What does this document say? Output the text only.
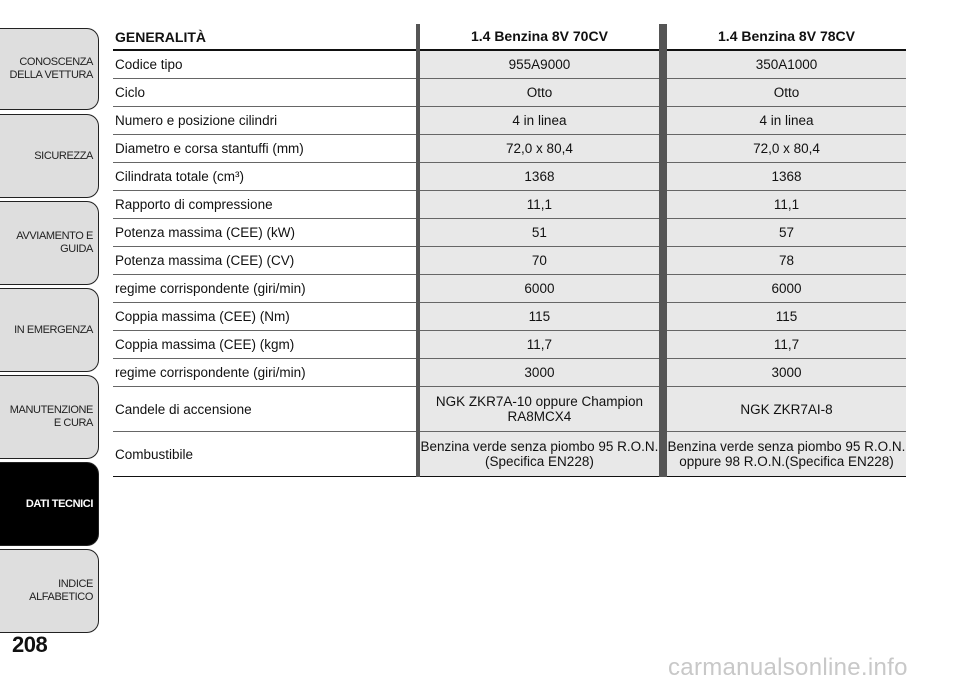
CONOSCENZA DELLA VETTURA
SICUREZZA
AVVIAMENTO E GUIDA
IN EMERGENZA
MANUTENZIONE E CURA
DATI TECNICI
INDICE ALFABETICO
208
GENERALITÀ	1.4 Benzina 8V 70CV	1.4 Benzina 8V 78CV
Codice tipo	955A9000	350A1000
Ciclo	Otto	Otto
Numero e posizione cilindri	4 in linea	4 in linea
Diametro e corsa stantuffi (mm)	72,0 x 80,4	72,0 x 80,4
Cilindrata totale (cm³)	1368	1368
Rapporto di compressione	11,1	11,1
Potenza massima (CEE) (kW)	51	57
Potenza massima (CEE) (CV)	70	78
regime corrispondente (giri/min)	6000	6000
Coppia massima (CEE) (Nm)	115	115
Coppia massima (CEE) (kgm)	11,7	11,7
regime corrispondente (giri/min)	3000	3000
Candele di accensione	NGK ZKR7A-10 oppure Champion RA8MCX4	NGK ZKR7AI-8
Combustibile	Benzina verde senza piombo 95 R.O.N. (Specifica EN228)	Benzina verde senza piombo 95 R.O.N. oppure 98 R.O.N.(Specifica EN228)
carmanualsonline.info
